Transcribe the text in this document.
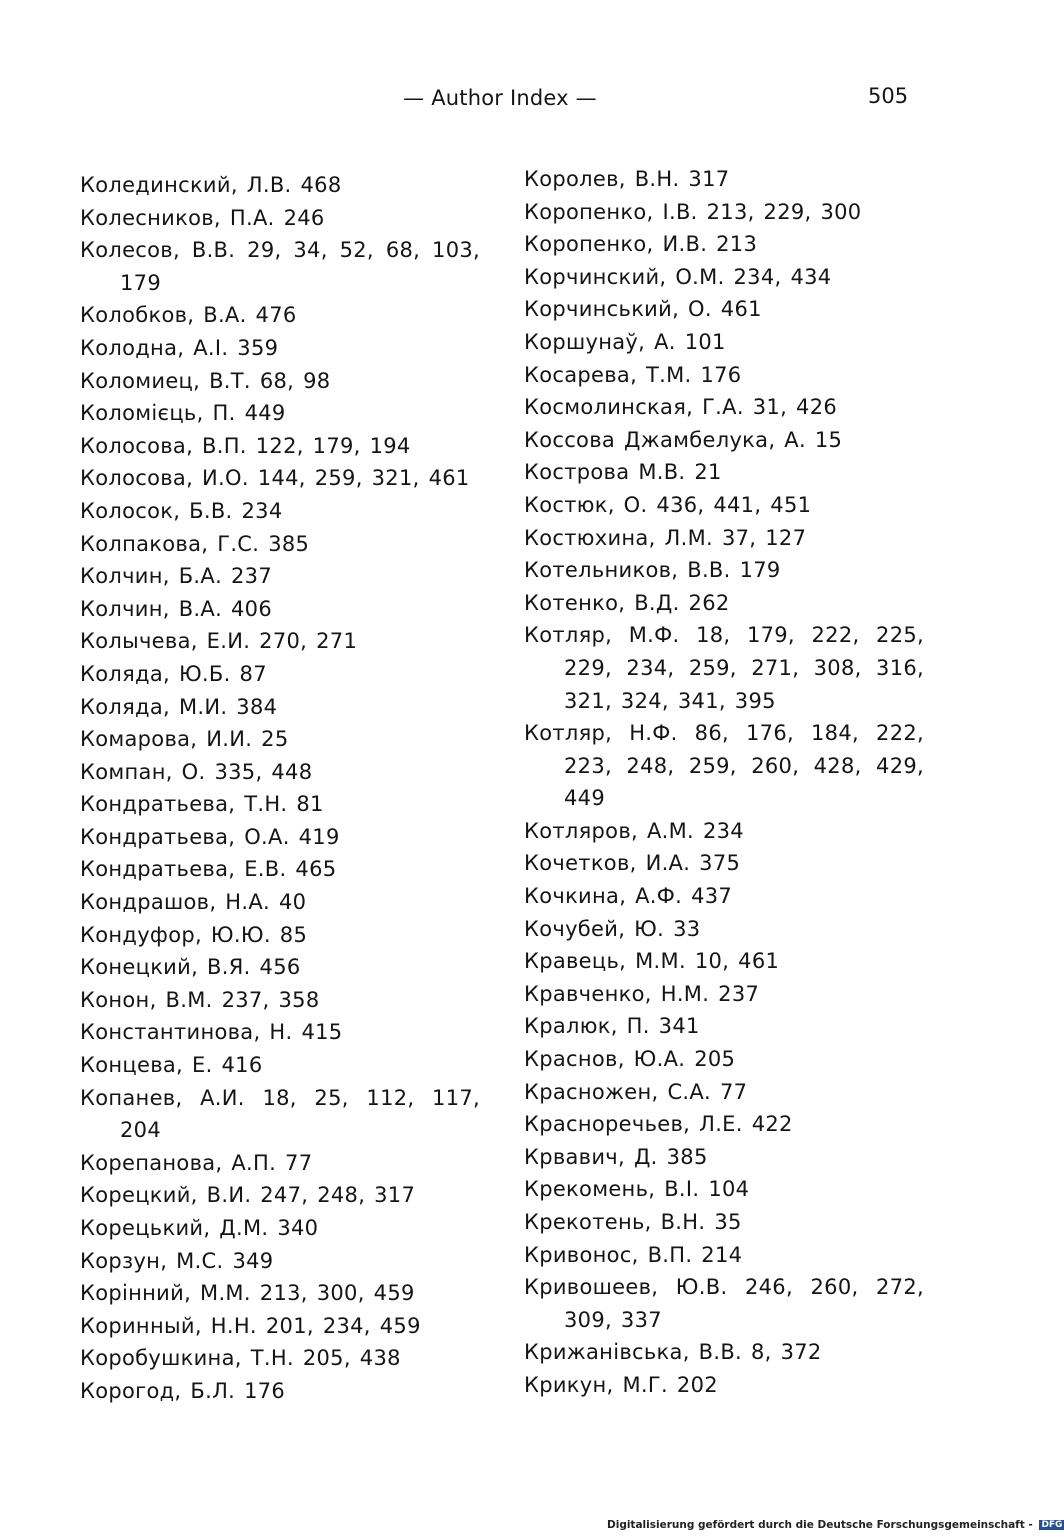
— Author Index —	505
Колединский, Л.В. 468
Колесников, П.А. 246
Колесов, В.В. 29, 34, 52, 68, 103, 179
Колобков, В.А. 476
Колодна, А.І. 359
Коломиец, В.Т. 68, 98
Коломієць, П. 449
Колосова, В.П. 122, 179, 194
Колосова, И.О. 144, 259, 321, 461
Колосок, Б.В. 234
Колпакова, Г.С. 385
Колчин, Б.А. 237
Колчин, В.А. 406
Колычева, Е.И. 270, 271
Коляда, Ю.Б. 87
Коляда, М.И. 384
Комарова, И.И. 25
Компан, О. 335, 448
Кондратьева, Т.Н. 81
Кондратьева, О.А. 419
Кондратьева, Е.В. 465
Кондрашов, Н.А. 40
Кондуфор, Ю.Ю. 85
Конецкий, В.Я. 456
Конон, В.М. 237, 358
Константинова, Н. 415
Концева, Е. 416
Копанев, А.И. 18, 25, 112, 117, 204
Корепанова, А.П. 77
Корецкий, В.И. 247, 248, 317
Корецький, Д.М. 340
Корзун, М.С. 349
Корінний, М.М. 213, 300, 459
Коринный, Н.Н. 201, 234, 459
Коробушкина, Т.Н. 205, 438
Корогод, Б.Л. 176
Королев, В.Н. 317
Коропенко, І.В. 213, 229, 300
Коропенко, И.В. 213
Корчинский, О.М. 234, 434
Корчинський, О. 461
Коршунаў, А. 101
Косарева, Т.М. 176
Космолинская, Г.А. 31, 426
Коссова Джамбелука, А. 15
Кострова М.В. 21
Костюк, О. 436, 441, 451
Костюхина, Л.М. 37, 127
Котельников, В.В. 179
Котенко, В.Д. 262
Котляр, М.Ф. 18, 179, 222, 225, 229, 234, 259, 271, 308, 316, 321, 324, 341, 395
Котляр, Н.Ф. 86, 176, 184, 222, 223, 248, 259, 260, 428, 429, 449
Котляров, А.М. 234
Кочетков, И.А. 375
Кочкина, А.Ф. 437
Кочубей, Ю. 33
Кравець, М.М. 10, 461
Кравченко, Н.М. 237
Кралюк, П. 341
Краснов, Ю.А. 205
Красножен, С.А. 77
Красноречьев, Л.Е. 422
Крвавич, Д. 385
Крекомень, В.І. 104
Крекотень, В.Н. 35
Кривонос, В.П. 214
Кривошеев, Ю.В. 246, 260, 272, 309, 337
Крижанівська, В.В. 8, 372
Крикун, М.Г. 202
Digitalisierung gefördert durch die Deutsche Forschungsgemeinschaft - DFG
